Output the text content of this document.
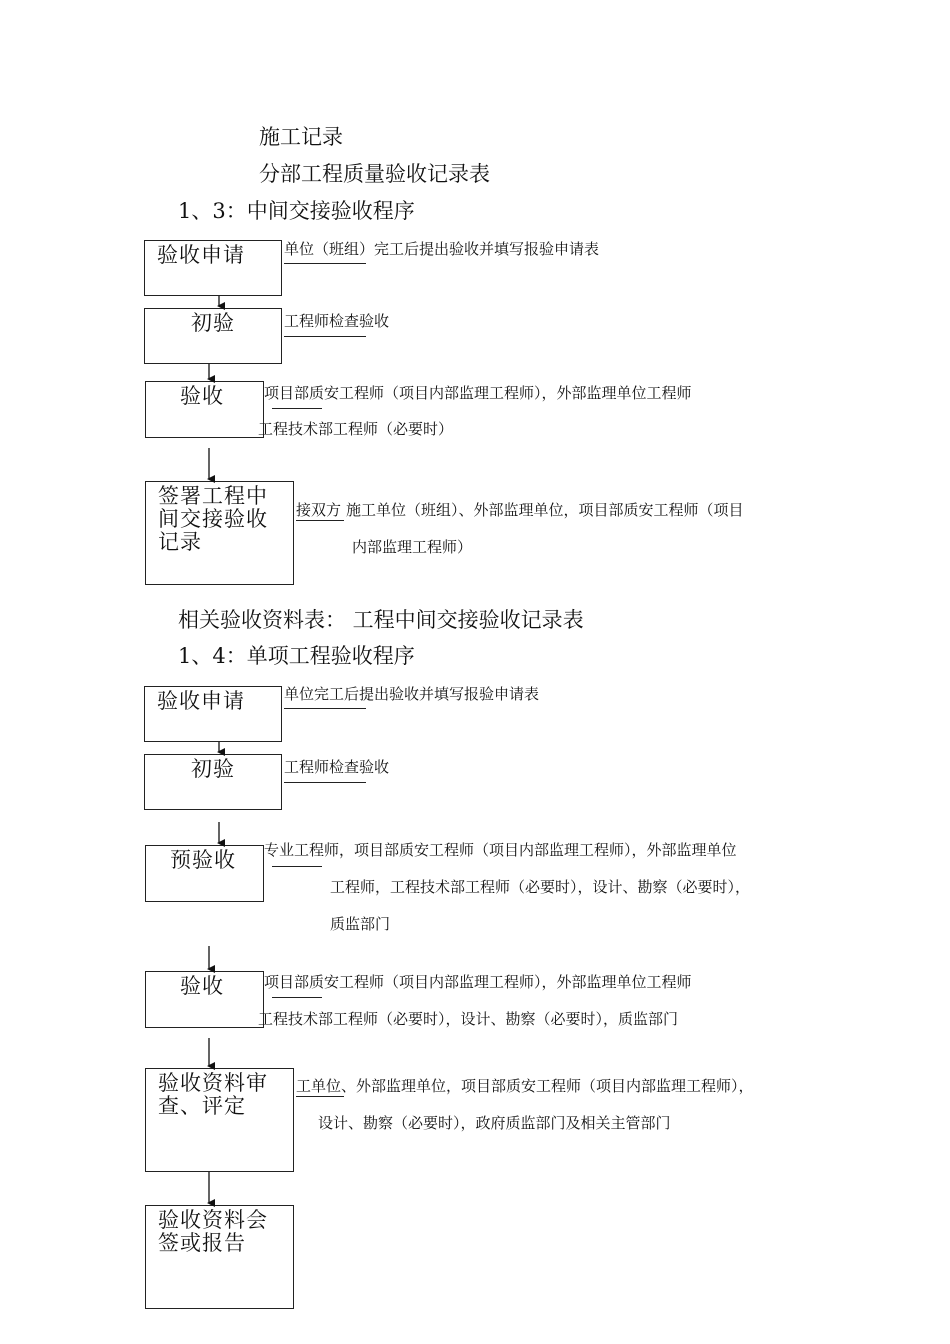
施工记录
分部工程质量验收记录表
1、3：中间交接验收程序
验收申请	单位（班组）完工后提出验收并填写报验申请表
初验	工程师检查验收
验收	项目部质安工程师（项目内部监理工程师），外部监理单位工程师
工程技术部工程师（必要时）
签署工程中间交接验收记录
接双方 施工单位（班组）、外部监理单位，项目部质安工程师（项目
内部监理工程师）
相关验收资料表： 工程中间交接验收记录表
1、4：单项工程验收程序
验收申请	单位完工后提出验收并填写报验申请表
初验	工程师检查验收
预验收	专业工程师，项目部质安工程师（项目内部监理工程师），外部监理单位
工程师，工程技术部工程师（必要时），设计、勘察（必要时），
质监部门
验收	项目部质安工程师（项目内部监理工程师），外部监理单位工程师
工程技术部工程师（必要时），设计、勘察（必要时），质监部门
验收资料审查、评定
工单位、外部监理单位，项目部质安工程师（项目内部监理工程师），
设计、勘察（必要时），政府质监部门及相关主管部门
验收资料会签或报告
